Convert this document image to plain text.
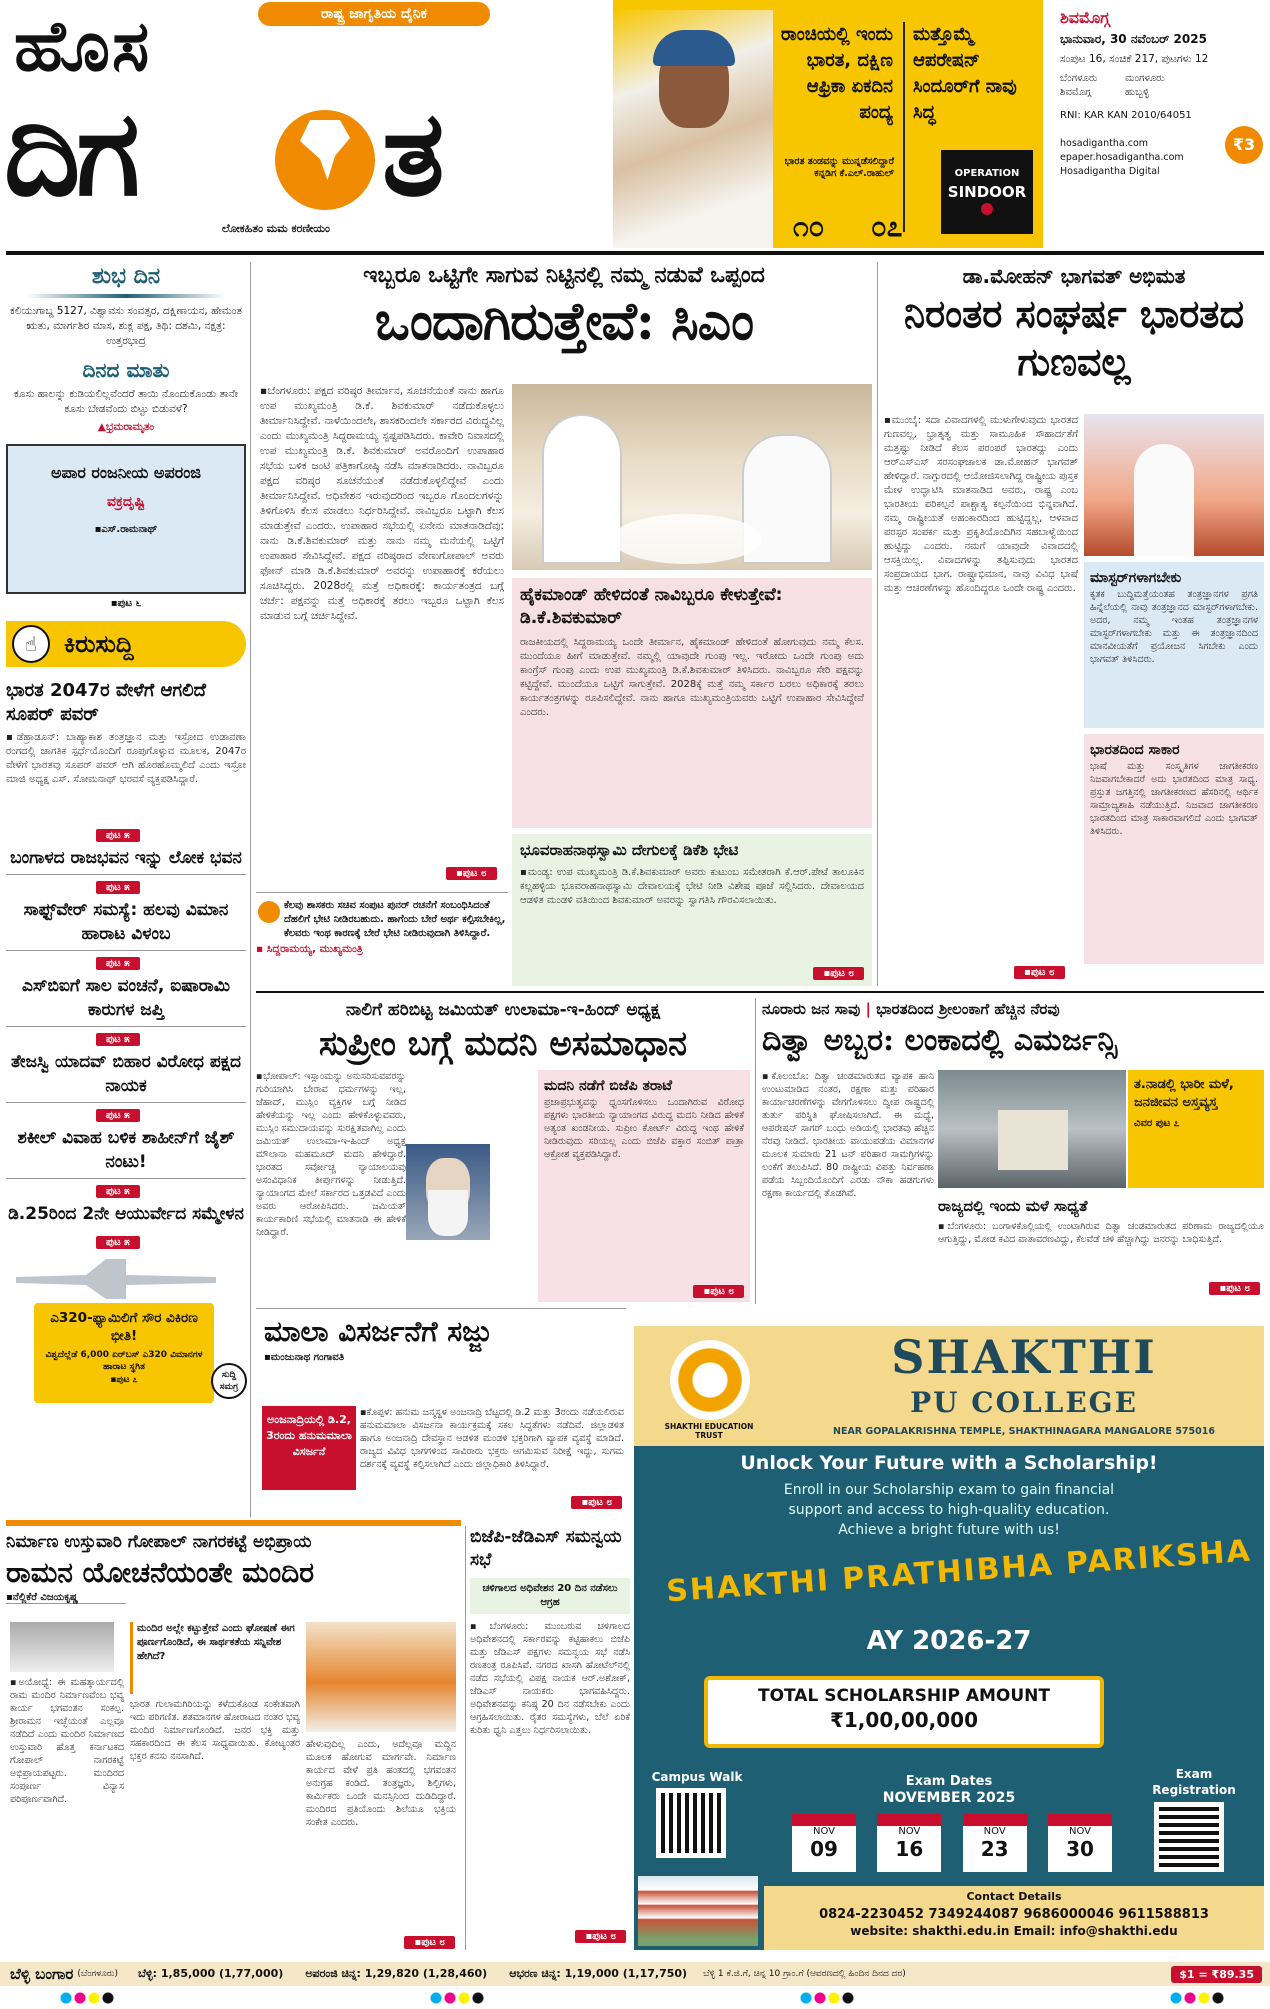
ಹೊಸ
ದಿಗ ತ
ರಾಷ್ಟ್ರ ಜಾಗೃತಿಯ ದೈನಿಕ
ಲೋಕಹಿತಂ ಮಮ ಕರಣೀಯಂ
ರಾಂಚಿಯಲ್ಲಿ ಇಂದು ಭಾರತ, ದಕ್ಷಿಣ ಆಫ್ರಿಕಾ ಏಕದಿನ ಪಂದ್ಯ
ಭಾರತ ತಂಡವನ್ನು ಮುನ್ನಡೆಸಲಿದ್ದಾರೆ ಕನ್ನಡಿಗ ಕೆ.ಎಲ್.ರಾಹುಲ್
೧೦
ಮತ್ತೊಮ್ಮೆ ಆಪರೇಷನ್ ಸಿಂದೂರ್‌ಗೆ ನಾವು ಸಿದ್ಧ
OPERATION
SINDOOR
೦೭
ಶಿವಮೊಗ್ಗ
ಭಾನುವಾರ, 30 ನವೆಂಬರ್ 2025
ಸಂಪುಟ 16, ಸಂಚಿಕೆ 217, ಪುಟಗಳು 12
ಬೆಂಗಳೂರು	ಮಂಗಳೂರು
ಶಿವಮೊಗ್ಗ	ಹುಬ್ಬಳ್ಳಿ
₹3
RNI: KAR KAN 2010/64051
hosadigantha.com
epaper.hosadigantha.com
Hosadigantha Digital
ಶುಭ ದಿನ
ಕಲಿಯುಗಾಬ್ದ 5127, ವಿಶ್ವಾವಸು ಸಂವತ್ಸರ, ದಕ್ಷಿಣಾಯನ, ಹೇಮಂತ ಋತು, ಮಾರ್ಗಶಿರ ಮಾಸ, ಶುಕ್ಲ ಪಕ್ಷ, ತಿಥಿ: ದಶಮಿ, ನಕ್ಷತ್ರ: ಉತ್ತರಭಾದ್ರ
ದಿನದ ಮಾತು
ಕೂಸು ಹಾಲನ್ನು ಕುಡಿಯಲಿಲ್ಲವೆಂದರೆ ತಾಯಿ ನೊಂದುಕೊಂಡು ತಾನೇ ಕೂಸು ಬೇಡವೆಂದು ಬಿಟ್ಟು ಬಿಡುವಳೆ?
▲ಭ್ರಮರಾಮೃತಂ
ಅಪಾರ ರಂಜನೀಯ ಅಪರಂಜಿ
ವಕ್ರದೃಷ್ಟಿ
▪ಎಸ್.ರಾಮನಾಥ್
▪ಪುಟ ೬
☝	ಕಿರುಸುದ್ದಿ
ಭಾರತ 2047ರ ವೇಳೆಗೆ ಆಗಲಿದೆ ಸೂಪರ್ ಪವರ್
▪ಡೆಹ್ರಾಡೂನ್: ಬಾಹ್ಯಾಕಾಶ ತಂತ್ರಜ್ಞಾನ ಮತ್ತು ಇಸ್ರೋದ ಉಡಾವಣಾ ರಂಗದಲ್ಲಿ ಜಾಗತಿಕ ಸ್ಪರ್ಧೆಯೊಂದಿಗೆ ರೂಪುಗೊಳ್ಳುವ ಮೂಲಕ, 2047ರ ವೇಳೆಗೆ ಭಾರತವು ಸೂಪರ್ ಪವರ್ ಆಗಿ ಹೊರಹೊಮ್ಮಲಿದೆ ಎಂದು ಇಸ್ರೋ ಮಾಜಿ ಅಧ್ಯಕ್ಷ ಎಸ್. ಸೋಮನಾಥ್ ಭರವಸೆ ವ್ಯಕ್ತಪಡಿಸಿದ್ದಾರೆ.
ಪುಟ ೫
ಬಂಗಾಳದ ರಾಜಭವನ ಇನ್ನು ಲೋಕ ಭವನ
ಪುಟ ೫
ಸಾಫ್ಟ್‌ವೇರ್ ಸಮಸ್ಯೆ: ಹಲವು ವಿಮಾನ ಹಾರಾಟ ವಿಳಂಬ
ಪುಟ ೫
ಎಸ್‌ಬಿಐಗೆ ಸಾಲ ವಂಚನೆ, ಐಷಾರಾಮಿ ಕಾರುಗಳ ಜಪ್ತಿ
ಪುಟ ೫
ತೇಜಸ್ವಿ ಯಾದವ್ ಬಿಹಾರ ವಿರೋಧ ಪಕ್ಷದ ನಾಯಕ
ಪುಟ ೫
ಶಕೀಲ್ ವಿವಾಹ ಬಳಿಕ ಶಾಹೀನ್‌ಗೆ ಜೈಶ್ ನಂಟು!
ಪುಟ ೫
ಡಿ.25ರಿಂದ 2ನೇ ಆಯುರ್ವೇದ ಸಮ್ಮೇಳನ
ಪುಟ ೫
ಎ320-ಫ್ಯಾಮಿಲಿಗೆ ಸೌರ ವಿಕಿರಣ ಭೀತಿ!
ವಿಶ್ವದೆಲ್ಲೆಡೆ 6,000 ಏರ್‌ಬಸ್ ಎ320 ವಿಮಾನಗಳ ಹಾರಾಟ ಸ್ಥಗಿತ
▪ಪುಟ ೭	ಸುದ್ದಿ ಸಮಗ್ರ
ಇಬ್ಬರೂ ಒಟ್ಟಿಗೇ ಸಾಗುವ ನಿಟ್ಟಿನಲ್ಲಿ ನಮ್ಮ ನಡುವೆ ಒಪ್ಪಂದ
ಒಂದಾಗಿರುತ್ತೇವೆ: ಸಿಎಂ
▪ಬೆಂಗಳೂರು: ಪಕ್ಷದ ವರಿಷ್ಠರ ತೀರ್ಮಾನ, ಸೂಚನೆಯಂತೆ ನಾನು ಹಾಗೂ ಉಪ ಮುಖ್ಯಮಂತ್ರಿ ಡಿ.ಕೆ. ಶಿವಕುಮಾರ್ ನಡೆದುಕೊಳ್ಳಲು ತೀರ್ಮಾನಿಸಿದ್ದೇವೆ. ನಾಳೆಯಿಂದಲೇ, ಶಾಸಕರಿಂದಲೇ ಸರ್ಕಾರದ ವಿರುದ್ಧವಿಲ್ಲ ಎಂದು ಮುಖ್ಯಮಂತ್ರಿ ಸಿದ್ದರಾಮಯ್ಯ ಸ್ಪಷ್ಟಪಡಿಸಿದರು. ಕಾವೇರಿ ನಿವಾಸದಲ್ಲಿ ಉಪ ಮುಖ್ಯಮಂತ್ರಿ ಡಿ.ಕೆ. ಶಿವಕುಮಾರ್ ಅವರೊಂದಿಗೆ ಉಪಾಹಾರ ಸಭೆಯ ಬಳಿಕ ಜಂಟಿ ಪತ್ರಿಕಾಗೋಷ್ಠಿ ನಡೆಸಿ ಮಾತನಾಡಿದರು. ನಾವಿಬ್ಬರೂ ಪಕ್ಷದ ವರಿಷ್ಠರ ಸೂಚನೆಯಂತೆ ನಡೆದುಕೊಳ್ಳಲಿದ್ದೇವೆ ಎಂದು ತೀರ್ಮಾನಿಸಿದ್ದೇವೆ. ಅಧಿವೇಶನ ಇರುವುದರಿಂದ ಇಬ್ಬರೂ ಗೊಂದಲಗಳನ್ನು ತಿಳಿಗೊಳಿಸಿ ಕೆಲಸ ಮಾಡಲು ನಿರ್ಧರಿಸಿದ್ದೇವೆ. ನಾವಿಬ್ಬರೂ ಒಟ್ಟಾಗಿ ಕೆಲಸ ಮಾಡುತ್ತೇವೆ ಎಂದರು. ಉಪಾಹಾರ ಸಭೆಯಲ್ಲಿ ಏನೇನು ಮಾತನಾಡಿದೆವು: ನಾನು ಡಿ.ಕೆ.ಶಿವಕುಮಾರ್ ಮತ್ತು ನಾನು ನಮ್ಮ ಮನೆಯಲ್ಲಿ ಒಟ್ಟಿಗೆ ಉಪಾಹಾರ ಸೇವಿಸಿದ್ದೇವೆ. ಪಕ್ಷದ ವರಿಷ್ಠರಾದ ವೇಣುಗೋಪಾಲ್ ಅವರು ಫೋನ್ ಮಾಡಿ ಡಿ.ಕೆ.ಶಿವಕುಮಾರ್ ಅವರನ್ನು ಉಪಾಹಾರಕ್ಕೆ ಕರೆಯಲು ಸೂಚಿಸಿದ್ದರು. 2028ರಲ್ಲಿ ಮತ್ತೆ ಅಧಿಕಾರಕ್ಕೆ: ಕಾರ್ಯತಂತ್ರದ ಬಗ್ಗೆ ಚರ್ಚೆ: ಪಕ್ಷವನ್ನು ಮತ್ತೆ ಅಧಿಕಾರಕ್ಕೆ ತರಲು ಇಬ್ಬರೂ ಒಟ್ಟಾಗಿ ಕೆಲಸ ಮಾಡುವ ಬಗ್ಗೆ ಚರ್ಚಿಸಿದ್ದೇವೆ.
▪ಪುಟ ೮
ಕೆಲವು ಶಾಸಕರು ಸಚಿವ ಸಂಪುಟ ಪುನರ್ ರಚನೆಗೆ ಸಂಬಂಧಿಸಿದಂತೆ ದೆಹಲಿಗೆ ಭೇಟಿ ನೀಡಿರಬಹುದು. ಹಾಗೆಂದು ಬೇರೆ ಅರ್ಥ ಕಲ್ಪಿಸಬೇಕಿಲ್ಲ, ಕೆಲವರು ಇಂಥ ಕಾರಣಕ್ಕೆ ಬೇರೆ ಭೇಟಿ ನೀಡಿರುವುದಾಗಿ ತಿಳಿಸಿದ್ದಾರೆ.
▪ ಸಿದ್ದರಾಮಯ್ಯ, ಮುಖ್ಯಮಂತ್ರಿ
ಹೈಕಮಾಂಡ್ ಹೇಳಿದಂತೆ ನಾವಿಬ್ಬರೂ ಕೇಳುತ್ತೇವೆ: ಡಿ.ಕೆ.ಶಿವಕುಮಾರ್
ರಾಜಕೀಯದಲ್ಲಿ ಸಿದ್ದರಾಮಯ್ಯ ಒಂದೇ ತೀರ್ಮಾನ, ಹೈಕಮಾಂಡ್ ಹೇಳಿದಂತೆ ಹೋಗುವುದು ನಮ್ಮ ಕೆಲಸ. ಮುಂದೆಯೂ ಹೀಗೆ ಮಾಡುತ್ತೇವೆ. ನಮ್ಮಲ್ಲಿ ಯಾವುದೇ ಗುಂಪು ಇಲ್ಲ. ಇರೋದು ಒಂದೇ ಗುಂಪು ಅದು ಕಾಂಗ್ರೆಸ್ ಗುಂಪು ಎಂದು ಉಪ ಮುಖ್ಯಮಂತ್ರಿ ಡಿ.ಕೆ.ಶಿವಕುಮಾರ್ ತಿಳಿಸಿದರು. ನಾವಿಬ್ಬರೂ ಸೇರಿ ಪಕ್ಷವನ್ನು ಕಟ್ಟಿದ್ದೇವೆ. ಮುಂದೆಯೂ ಒಟ್ಟಿಗೆ ಸಾಗುತ್ತೇವೆ. 2028ಕ್ಕೆ ಮತ್ತೆ ನಮ್ಮ ಸರ್ಕಾರ ಬರಲು ಅಧಿಕಾರಕ್ಕೆ ತರಲು ಕಾರ್ಯತಂತ್ರಗಳನ್ನು ರೂಪಿಸಲಿದ್ದೇವೆ. ನಾನು ಹಾಗೂ ಮುಖ್ಯಮಂತ್ರಿಯವರು ಒಟ್ಟಿಗೆ ಉಪಾಹಾರ ಸೇವಿಸಿದ್ದೇವೆ ಎಂದರು.
ಭೂವರಾಹನಾಥಸ್ವಾಮಿ ದೇಗುಲಕ್ಕೆ ಡಿಕೆಶಿ ಭೇಟಿ
▪ಮಂಡ್ಯ: ಉಪ ಮುಖ್ಯಮಂತ್ರಿ ಡಿ.ಕೆ.ಶಿವಕುಮಾರ್ ಅವರು ಕುಟುಂಬ ಸಮೇತರಾಗಿ ಕೆ.ಆರ್.ಪೇಟೆ ತಾಲೂಕಿನ ಕಲ್ಲಹಳ್ಳಿಯ ಭೂವರಾಹನಾಥಸ್ವಾಮಿ ದೇವಾಲಯಕ್ಕೆ ಭೇಟಿ ನೀಡಿ ವಿಶೇಷ ಪೂಜೆ ಸಲ್ಲಿಸಿದರು. ದೇವಾಲಯದ ಆಡಳಿತ ಮಂಡಳಿ ವತಿಯಿಂದ ಶಿವಕುಮಾರ್ ಅವರನ್ನು ಸ್ವಾಗತಿಸಿ ಗೌರವಿಸಲಾಯಿತು.
▪ಪುಟ ೮
ಡಾ.ಮೋಹನ್ ಭಾಗವತ್ ಅಭಿಮತ
ನಿರಂತರ ಸಂಘರ್ಷ ಭಾರತದ ಗುಣವಲ್ಲ
▪ಮುಂಬೈ: ಸದಾ ವಿವಾದಗಳಲ್ಲಿ ಮುಳುಗೇಳುವುದು ಭಾರತದ ಗುಣವಲ್ಲ, ಭ್ರಾತೃತ್ವ ಮತ್ತು ಸಾಮೂಹಿಕ ಸೌಹಾರ್ದತೆಗೆ ಮತ್ತಷ್ಟು ನೀಡಿದೆ ಕೆಲಸ ಪರಂಪರೆ ಭಾರತದ್ದು ಎಂದು ಆರ್‌ಎಸ್‌ಎಸ್ ಸರಸಂಘಚಾಲಕ ಡಾ.ಮೋಹನ್ ಭಾಗವತ್ ಹೇಳಿದ್ದಾರೆ. ನಾಗ್ಪುರದಲ್ಲಿ ಆಯೋಜಿಸಲಾಗಿದ್ದ ರಾಷ್ಟ್ರೀಯ ಪುಸ್ತಕ ಮೇಳ ಉದ್ಘಾಟಿಸಿ ಮಾತನಾಡಿದ ಅವರು, ರಾಷ್ಟ್ರ ಎಂಬ ಭಾರತೀಯ ಪರಿಕಲ್ಪನೆ ಪಾಶ್ಚಾತ್ಯ ಕಲ್ಪನೆಯಿಂದ ಭಿನ್ನವಾಗಿದೆ. ನಮ್ಮ ರಾಷ್ಟ್ರೀಯತೆ ಅಹಂಕಾರದಿಂದ ಹುಟ್ಟಿದ್ದಲ್ಲ, ಆಳವಾದ ಪರಸ್ಪರ ಸಂಪರ್ಕ ಮತ್ತು ಪ್ರಕೃತಿಯೊಂದಿಗಿನ ಸಹಬಾಳ್ವೆಯಿಂದ ಹುಟ್ಟಿದ್ದು ಎಂದರು. ನಮಗೆ ಯಾವುದೇ ವಿವಾದದಲ್ಲಿ ಆಸಕ್ತಿಯಿಲ್ಲ. ವಿವಾದಗಳನ್ನು ತಪ್ಪಿಸುವುದು ಭಾರತದ ಸಂಪ್ರದಾಯದ ಭಾಗ. ರಾಷ್ಟ್ರಾಭಿಮಾನ, ನಾವು ವಿವಿಧ ಭಾಷೆ ಮತ್ತು ಆಚರಣೆಗಳನ್ನು ಹೊಂದಿದ್ದರೂ ಒಂದೇ ರಾಷ್ಟ್ರ ಎಂದರು.
ಮಾಸ್ಟರ್‌ಗಳಾಗಬೇಕು
ಕೃತಕ ಬುದ್ಧಿಮತ್ತೆಯಂತಹ ತಂತ್ರಜ್ಞಾನಗಳ ಪ್ರಗತಿ ಹಿನ್ನೆಲೆಯಲ್ಲಿ ನಾವು ತಂತ್ರಜ್ಞಾನದ ಮಾಸ್ಟರ್‌ಗಳಾಗಬೇಕು. ಅದರ, ನಮ್ಮ ಇಂತಹ ತಂತ್ರಜ್ಞಾನಗಳ ಮಾಸ್ಟರ್‌ಗಳಾಗಬೇಕು ಮತ್ತು ಈ ತಂತ್ರಜ್ಞಾನದಿಂದ ಮಾನವೀಯತೆಗೆ ಪ್ರಯೋಜನ ಸಿಗಬೇಕು ಎಂದು ಭಾಗವತ್ ತಿಳಿಸಿದರು.
ಭಾರತದಿಂದ ಸಾಕಾರ
ಭಾಷೆ ಮತ್ತು ಸಂಸ್ಕೃತಿಗಳ ಜಾಗತೀಕರಣ ನಿಜವಾಗಬೇಕಾದರೆ ಅದು ಭಾರತದಿಂದ ಮಾತ್ರ ಸಾಧ್ಯ. ಪ್ರಸ್ತುತ ಜಗತ್ತಿನಲ್ಲಿ ಜಾಗತೀಕರಣದ ಹೆಸರಿನಲ್ಲಿ ಆರ್ಥಿಕ ಸಾಮ್ರಾಜ್ಯಶಾಹಿ ನಡೆಯುತ್ತಿದೆ. ನಿಜವಾದ ಜಾಗತೀಕರಣ ಭಾರತದಿಂದ ಮಾತ್ರ ಸಾಕಾರವಾಗಲಿದೆ ಎಂದು ಭಾಗವತ್ ತಿಳಿಸಿದರು.
▪ಪುಟ ೮
ನಾಲಿಗೆ ಹರಿಬಿಟ್ಟ ಜಮಿಯತ್ ಉಲಾಮಾ-ಇ-ಹಿಂದ್ ಅಧ್ಯಕ್ಷ
ಸುಪ್ರೀಂ ಬಗ್ಗೆ ಮದನಿ ಅಸಮಾಧಾನ
▪ಭೋಪಾಲ್: ಇಸ್ಲಾಂಮನ್ನು ಅನುಸರಿಸುವವರನ್ನು ಗುರಿಯಾಗಿಸಿ ಬೇರಾವ ಧರ್ಮಗಳನ್ನು ಇಲ್ಲ, ಜೆಹಾದ್, ಮುಸ್ಲಿಂ ವ್ಯಕ್ತಿಗಳ ಬಗ್ಗೆ ನೀಡಿದ ಹೇಳಿಕೆಯನ್ನು ಇಲ್ಲ ಎಂದು ಹೇಳಿಕೊಳ್ಳುವವರು, ಮುಸ್ಲಿಂ ಸಮುದಾಯವನ್ನು ಸುರಕ್ಷಿತವಾಗಿಲ್ಲ ಎಂದು ಜಮಿಯತ್ ಉಲಾಮಾ-ಇ-ಹಿಂದ್ ಅಧ್ಯಕ್ಷ ಮೌಲಾನಾ ಮಹಮೂದ್ ಮದನಿ ಹೇಳಿದ್ದಾರೆ. ಭಾರತದ ಸರ್ವೋಚ್ಚ ನ್ಯಾಯಾಲಯವು ಅಸಂವಿಧಾನಿಕ ತೀರ್ಪುಗಳನ್ನು ನೀಡುತ್ತಿದೆ. ನ್ಯಾಯಾಂಗದ ಮೇಲೆ ಸರ್ಕಾರದ ಒತ್ತಡವಿದೆ ಎಂದು ಅವರು ಆರೋಪಿಸಿದರು. ಜಮಿಯತ್ ಕಾರ್ಯಕಾರಿಣಿ ಸಭೆಯಲ್ಲಿ ಮಾತನಾಡಿ ಈ ಹೇಳಿಕೆ ನೀಡಿದ್ದಾರೆ.
ಮದನಿ ನಡೆಗೆ ಬಿಜೆಪಿ ತರಾಟೆ
ಪ್ರಜಾಪ್ರಭುತ್ವವನ್ನು ಧ್ವಂಸಗೊಳಿಸಲು ಒಂದಾಗಿರುವ ವಿರೋಧ ಪಕ್ಷಗಳು ಭಾರತೀಯ ನ್ಯಾಯಾಂಗದ ವಿರುದ್ಧ ಮದನಿ ನೀಡಿದ ಹೇಳಿಕೆ ಅತ್ಯಂತ ಖಂಡನೀಯ. ಸುಪ್ರೀಂ ಕೋರ್ಟ್ ವಿರುದ್ಧ ಇಂಥ ಹೇಳಿಕೆ ನೀಡಿರುವುದು ಸರಿಯಲ್ಲ ಎಂದು ಬಿಜೆಪಿ ವಕ್ತಾರ ಸಂಬಿತ್ ಪಾತ್ರಾ ಆಕ್ರೋಶ ವ್ಯಕ್ತಪಡಿಸಿದ್ದಾರೆ.
▪ಪುಟ ೮
ನೂರಾರು ಜನ ಸಾವು | ಭಾರತದಿಂದ ಶ್ರೀಲಂಕಾಗೆ ಹೆಚ್ಚಿನ ನೆರವು
ದಿತ್ವಾ ಅಬ್ಬರ: ಲಂಕಾದಲ್ಲಿ ಎಮರ್ಜನ್ಸಿ
▪ಕೊಲಂಬೊ: ದಿತ್ವಾ ಚಂಡಮಾರುತದ ವ್ಯಾಪಕ ಹಾನಿ ಉಂಟುಮಾಡಿದ ನಂತರ, ರಕ್ಷಣಾ ಮತ್ತು ಪರಿಹಾರ ಕಾರ್ಯಾಚರಣೆಗಳನ್ನು ವೇಗಗೊಳಿಸಲು ದ್ವೀಪ ರಾಷ್ಟ್ರದಲ್ಲಿ ತುರ್ತು ಪರಿಸ್ಥಿತಿ ಘೋಷಿಸಲಾಗಿದೆ. ಈ ಮಧ್ಯೆ, ಆಪರೇಷನ್ ಸಾಗರ್ ಬಂಧು ಅಡಿಯಲ್ಲಿ ಭಾರತವು ಹೆಚ್ಚಿನ ನೆರವು ನೀಡಿದೆ. ಭಾರತೀಯ ವಾಯುಪಡೆಯ ವಿಮಾನಗಳ ಮೂಲಕ ಸುಮಾರು 21 ಟನ್ ಪರಿಹಾರ ಸಾಮಗ್ರಿಗಳನ್ನು ಲಂಕೆಗೆ ತಲುಪಿಸಿದೆ. 80 ರಾಷ್ಟ್ರೀಯ ವಿಪತ್ತು ನಿರ್ವಹಣಾ ಪಡೆಯ ಸಿಬ್ಬಂದಿಯೊಂದಿಗೆ ಎರಡು ನೌಕಾ ಹಡಗುಗಳು ರಕ್ಷಣಾ ಕಾರ್ಯದಲ್ಲಿ ತೊಡಗಿವೆ.
ತ.ನಾಡಲ್ಲಿ ಭಾರೀ ಮಳೆ, ಜನಜೀವನ ಅಸ್ತವ್ಯಸ್ತ
ವಿವರ ಪುಟ ೭
ರಾಜ್ಯದಲ್ಲಿ ಇಂದು ಮಳೆ ಸಾಧ್ಯತೆ
▪ಬೆಂಗಳೂರು: ಬಂಗಾಳಕೊಲ್ಲಿಯಲ್ಲಿ ಉಂಟಾಗಿರುವ ದಿತ್ವಾ ಚಂಡಮಾರುತದ ಪರಿಣಾಮ ರಾಜ್ಯದಲ್ಲಿಯೂ ಆಗುತ್ತಿದ್ದು, ಮೋಡ ಕವಿದ ವಾತಾವರಣವಿದ್ದು, ಕೆಲವೆಡೆ ಚಳಿ ಹೆಚ್ಚಾಗಿದ್ದು ಜನರನ್ನು ಬಾಧಿಸುತ್ತಿದೆ.
▪ಪುಟ ೮
ಮಾಲಾ ವಿಸರ್ಜನೆಗೆ ಸಜ್ಜು
▪ಮಂಜುನಾಥ ಗಂಗಾವತಿ
ಅಂಜನಾದ್ರಿಯಲ್ಲಿ ಡಿ.2, 3ರಂದು ಹನುಮಮಾಲಾ ವಿಸರ್ಜನೆ
▪ಕೊಪ್ಪಳ: ಹನುಮ ಜನ್ಮಸ್ಥಳ ಅಂಜನಾದ್ರಿ ಬೆಟ್ಟದಲ್ಲಿ ಡಿ.2 ಮತ್ತು 3ರಂದು ನಡೆಯಲಿರುವ ಹನುಮಮಾಲಾ ವಿಸರ್ಜನಾ ಕಾರ್ಯಕ್ರಮಕ್ಕೆ ಸಕಲ ಸಿದ್ಧತೆಗಳು ನಡೆದಿವೆ. ಜಿಲ್ಲಾಡಳಿತ ಹಾಗೂ ಅಂಜನಾದ್ರಿ ದೇವಸ್ಥಾನ ಆಡಳಿತ ಮಂಡಳಿ ಭಕ್ತರಿಗಾಗಿ ವ್ಯಾಪಕ ವ್ಯವಸ್ಥೆ ಮಾಡಿದೆ. ರಾಜ್ಯದ ವಿವಿಧ ಭಾಗಗಳಿಂದ ಸಾವಿರಾರು ಭಕ್ತರು ಆಗಮಿಸುವ ನಿರೀಕ್ಷೆ ಇದ್ದು, ಸುಗಮ ದರ್ಶನಕ್ಕೆ ವ್ಯವಸ್ಥೆ ಕಲ್ಪಿಸಲಾಗಿದೆ ಎಂದು ಜಿಲ್ಲಾಧಿಕಾರಿ ತಿಳಿಸಿದ್ದಾರೆ.
▪ಪುಟ ೮
SHAKTHI EDUCATION TRUST
SHAKTHI
PU COLLEGE
NEAR GOPALAKRISHNA TEMPLE, SHAKTHINAGARA MANGALORE 575016
Unlock Your Future with a Scholarship!
Enroll in our Scholarship exam to gain financial
support and access to high-quality education.
Achieve a bright future with us!
SHAKTHI PRATHIBHA PARIKSHA
AY 2026-27
TOTAL SCHOLARSHIP AMOUNT
₹1,00,00,000
Campus Walk	Exam Dates
NOVEMBER 2025
NOV
09
NOV
16
NOV
23
NOV
30
Exam Registration
Contact Details
0824-2230452 7349244087 9686000046 9611588813
website: shakthi.edu.in Email: info@shakthi.edu
ನಿರ್ಮಾಣ ಉಸ್ತುವಾರಿ ಗೋಪಾಲ್ ನಾಗರಕಟ್ಟೆ ಅಭಿಪ್ರಾಯ
ರಾಮನ ಯೋಚನೆಯಂತೇ ಮಂದಿರ
▪ನೆಲ್ಲಿಕೆರೆ ವಿಜಯಕೃಷ್ಣ
▪ಅಯೋಧ್ಯೆ: ಈ ಮಹತ್ಕಾರ್ಯದಲ್ಲಿ ರಾಮ ಮಂದಿರ ನಿರ್ಮಾಣವೆಂಬ ಭವ್ಯ ಕಾರ್ಯ ಭಗವಂತನ ಸಂಕಲ್ಪ. ಶ್ರೀರಾಮನ ಇಚ್ಛೆಯಂತೆ ಎಲ್ಲವೂ ನಡೆದಿದೆ ಎಂದು ಮಂದಿರ ನಿರ್ಮಾಣದ ಉಸ್ತುವಾರಿ ಹೊತ್ತ ಕರ್ನಾಟಕದ ಗೋಪಾಲ್ ನಾಗರಕಟ್ಟೆ ಅಭಿಪ್ರಾಯಪಟ್ಟರು. ಮಂದಿರದ ಸಂಪೂರ್ಣ ವಿನ್ಯಾಸ ಪರಿಪೂರ್ಣವಾಗಿದೆ.
ಮಂದಿರ ಅಲ್ಲೇ ಕಟ್ಟುತ್ತೇವೆ ಎಂದು ಘೋಷಣೆ ಈಗ ಪೂರ್ಣಗೊಂಡಿದೆ, ಈ ಸಾರ್ಥಕತೆಯ ಸನ್ನಿವೇಶ ಹೇಗಿದೆ?
ಭಾರತ ಗುಲಾಮಗಿರಿಯನ್ನು ಕಳೆದುಕೊಂಡ ಸಂಕೇತವಾಗಿ ಇದು ಪರಿಗಣಿತ. ಶತಮಾನಗಳ ಹೋರಾಟದ ನಂತರ ಭವ್ಯ ಮಂದಿರ ನಿರ್ಮಾಣಗೊಂಡಿದೆ. ಜನರ ಭಕ್ತಿ ಮತ್ತು ಸಹಕಾರದಿಂದ ಈ ಕೆಲಸ ಸಾಧ್ಯವಾಯಿತು. ಕೋಟ್ಯಂತರ ಭಕ್ತರ ಕನಸು ನನಸಾಗಿದೆ.
ಹೇಳುವುದಿಲ್ಲ ಎಂದು, ಅದೆಲ್ಲವೂ ಮದ್ದಿನ ಮೂಲಕ ಹೋಗುವ ಮಾರ್ಗವೇ. ನಿರ್ಮಾಣ ಕಾರ್ಯದ ವೇಳೆ ಪ್ರತಿ ಹಂತದಲ್ಲಿ ಭಗವಂತನ ಅನುಗ್ರಹ ಕಂಡಿದೆ. ತಂತ್ರಜ್ಞರು, ಶಿಲ್ಪಿಗಳು, ಕಾರ್ಮಿಕರು ಒಂದೇ ಮನಸ್ಸಿನಿಂದ ದುಡಿದಿದ್ದಾರೆ. ಮಂದಿರದ ಪ್ರತಿಯೊಂದು ಶಿಲೆಯೂ ಭಕ್ತಿಯ ಸಂಕೇತ ಎಂದರು.
▪ಪುಟ ೮
ಬಿಜೆಪಿ-ಜೆಡಿಎಸ್ ಸಮನ್ವಯ ಸಭೆ
ಚಳಿಗಾಲದ ಅಧಿವೇಶನ 20 ದಿನ ನಡೆಸಲು ಆಗ್ರಹ
▪ಬೆಂಗಳೂರು: ಮುಂಬರುವ ಚಳಿಗಾಲದ ಅಧಿವೇಶನದಲ್ಲಿ ಸರ್ಕಾರವನ್ನು ಕಟ್ಟಿಹಾಕಲು ಬಿಜೆಪಿ ಮತ್ತು ಜೆಡಿಎಸ್ ಪಕ್ಷಗಳು ಸಮನ್ವಯ ಸಭೆ ನಡೆಸಿ ರಣತಂತ್ರ ರೂಪಿಸಿವೆ. ನಗರದ ಖಾಸಗಿ ಹೋಟೆಲ್‌ನಲ್ಲಿ ನಡೆದ ಸಭೆಯಲ್ಲಿ ವಿಪಕ್ಷ ನಾಯಕ ಆರ್.ಅಶೋಕ್, ಜೆಡಿಎಸ್ ನಾಯಕರು ಭಾಗವಹಿಸಿದ್ದರು. ಅಧಿವೇಶನವನ್ನು ಕನಿಷ್ಠ 20 ದಿನ ನಡೆಸಬೇಕು ಎಂದು ಆಗ್ರಹಿಸಲಾಯಿತು. ರೈತರ ಸಮಸ್ಯೆಗಳು, ಬೆಲೆ ಏರಿಕೆ ಕುರಿತು ಧ್ವನಿ ಎತ್ತಲು ನಿರ್ಧರಿಸಲಾಯಿತು.
▪ಪುಟ ೮
ಬೆಳ್ಳಿ ಬಂಗಾರ (ಬೆಂಗಳೂರು) ಬೆಳ್ಳಿ: 1,85,000 (1,77,000) ಅಪರಂಜಿ ಚಿನ್ನ: 1,29,820 (1,28,460) ಆಭರಣ ಚಿನ್ನ: 1,19,000 (1,17,750) ಬೆಳ್ಳಿ 1 ಕೆ.ಜಿ.ಗೆ, ಚಿನ್ನ 10 ಗ್ರಾಂ.ಗೆ (ಆವರಣದಲ್ಲಿ ಹಿಂದಿನ ದಿನದ ದರ)	$1 = ₹89.35
